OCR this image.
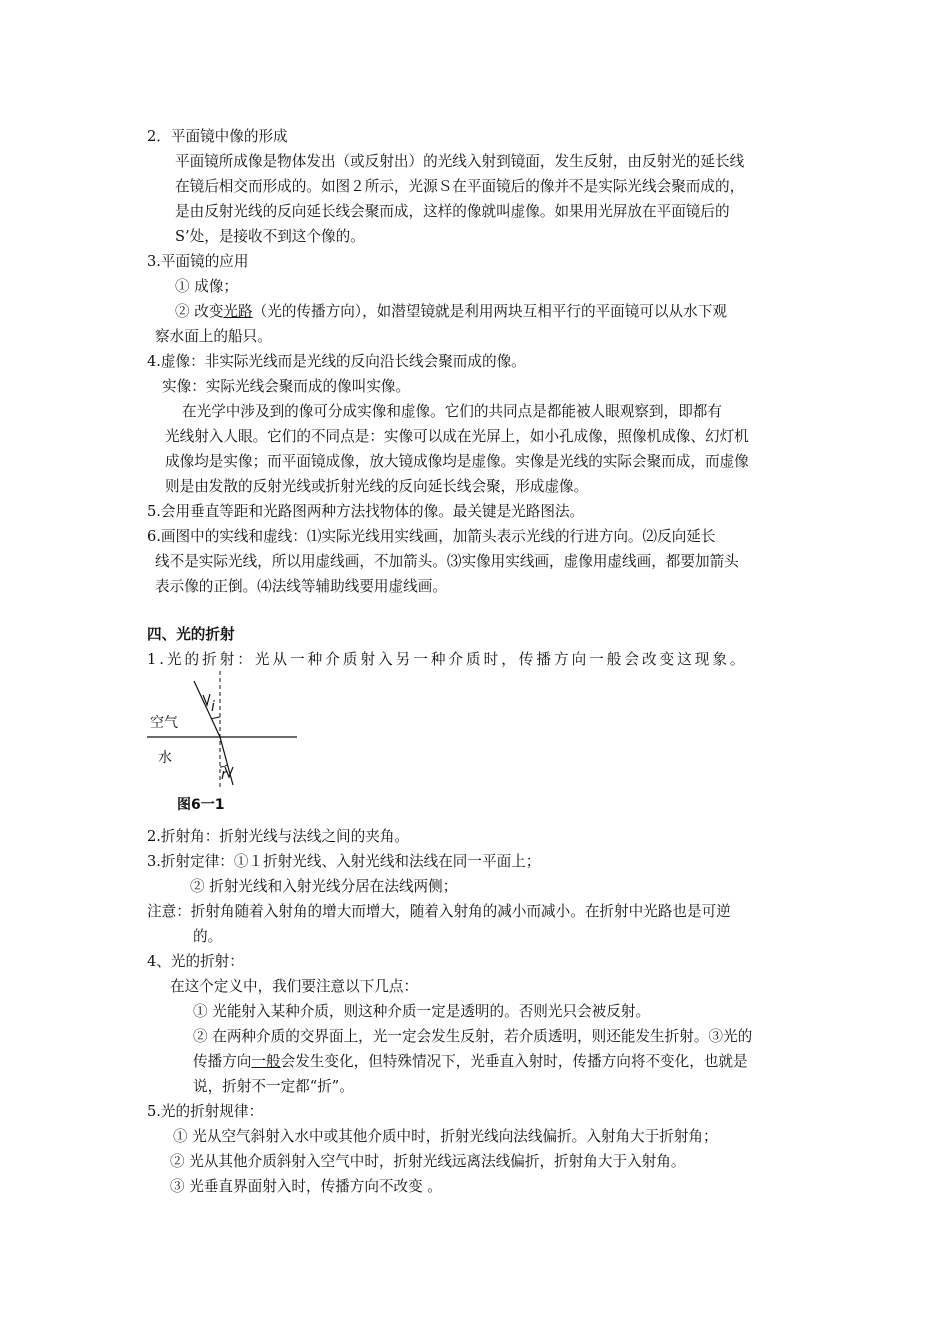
2．平面镜中像的形成
平面镜所成像是物体发出（或反射出）的光线入射到镜面，发生反射，由反射光的延长线
在镜后相交而形成的。如图２所示，光源Ｓ在平面镜后的像并不是实际光线会聚而成的，
是由反射光线的反向延长线会聚而成，这样的像就叫虚像。如果用光屏放在平面镜后的
S’处，是接收不到这个像的。
3.平面镜的应用
① 成像；
② 改变光路（光的传播方向），如潜望镜就是利用两块互相平行的平面镜可以从水下观
察水面上的船只。
4.虚像：非实际光线而是光线的反向沿长线会聚而成的像。
实像：实际光线会聚而成的像叫实像。
在光学中涉及到的像可分成实像和虚像。它们的共同点是都能被人眼观察到，即都有
光线射入人眼。它们的不同点是：实像可以成在光屏上，如小孔成像，照像机成像、幻灯机
成像均是实像；而平面镜成像，放大镜成像均是虚像。实像是光线的实际会聚而成，而虚像
则是由发散的反射光线或折射光线的反向延长线会聚，形成虚像。
5.会用垂直等距和光路图两种方法找物体的像。最关键是光路图法。
6.画图中的实线和虚线：⑴实际光线用实线画，加箭头表示光线的行进方向。⑵反向延长
线不是实际光线，所以用虚线画，不加箭头。⑶实像用实线画，虚像用虚线画，都要加箭头
表示像的正倒。⑷法线等辅助线要用虚线画。
四、光的折射
1.光的折射：光从一种介质射入另一种介质时，传播方向一般会改变这现象。
空气
水
i
r
图6一1
2.折射角：折射光线与法线之间的夹角。
3.折射定律：①１折射光线、入射光线和法线在同一平面上；
② 折射光线和入射光线分居在法线两侧；
注意：折射角随着入射角的增大而增大，随着入射角的减小而减小。在折射中光路也是可逆
的。
4、光的折射：
在这个定义中，我们要注意以下几点：
① 光能射入某种介质，则这种介质一定是透明的。否则光只会被反射。
② 在两种介质的交界面上，光一定会发生反射，若介质透明，则还能发生折射。③光的
传播方向一般会发生变化，但特殊情况下，光垂直入射时，传播方向将不变化，也就是
说，折射不一定都“折”。
5.光的折射规律：
① 光从空气斜射入水中或其他介质中时，折射光线向法线偏折。入射角大于折射角；
② 光从其他介质斜射入空气中时，折射光线远离法线偏折，折射角大于入射角。
③ 光垂直界面射入时，传播方向不改变 。
